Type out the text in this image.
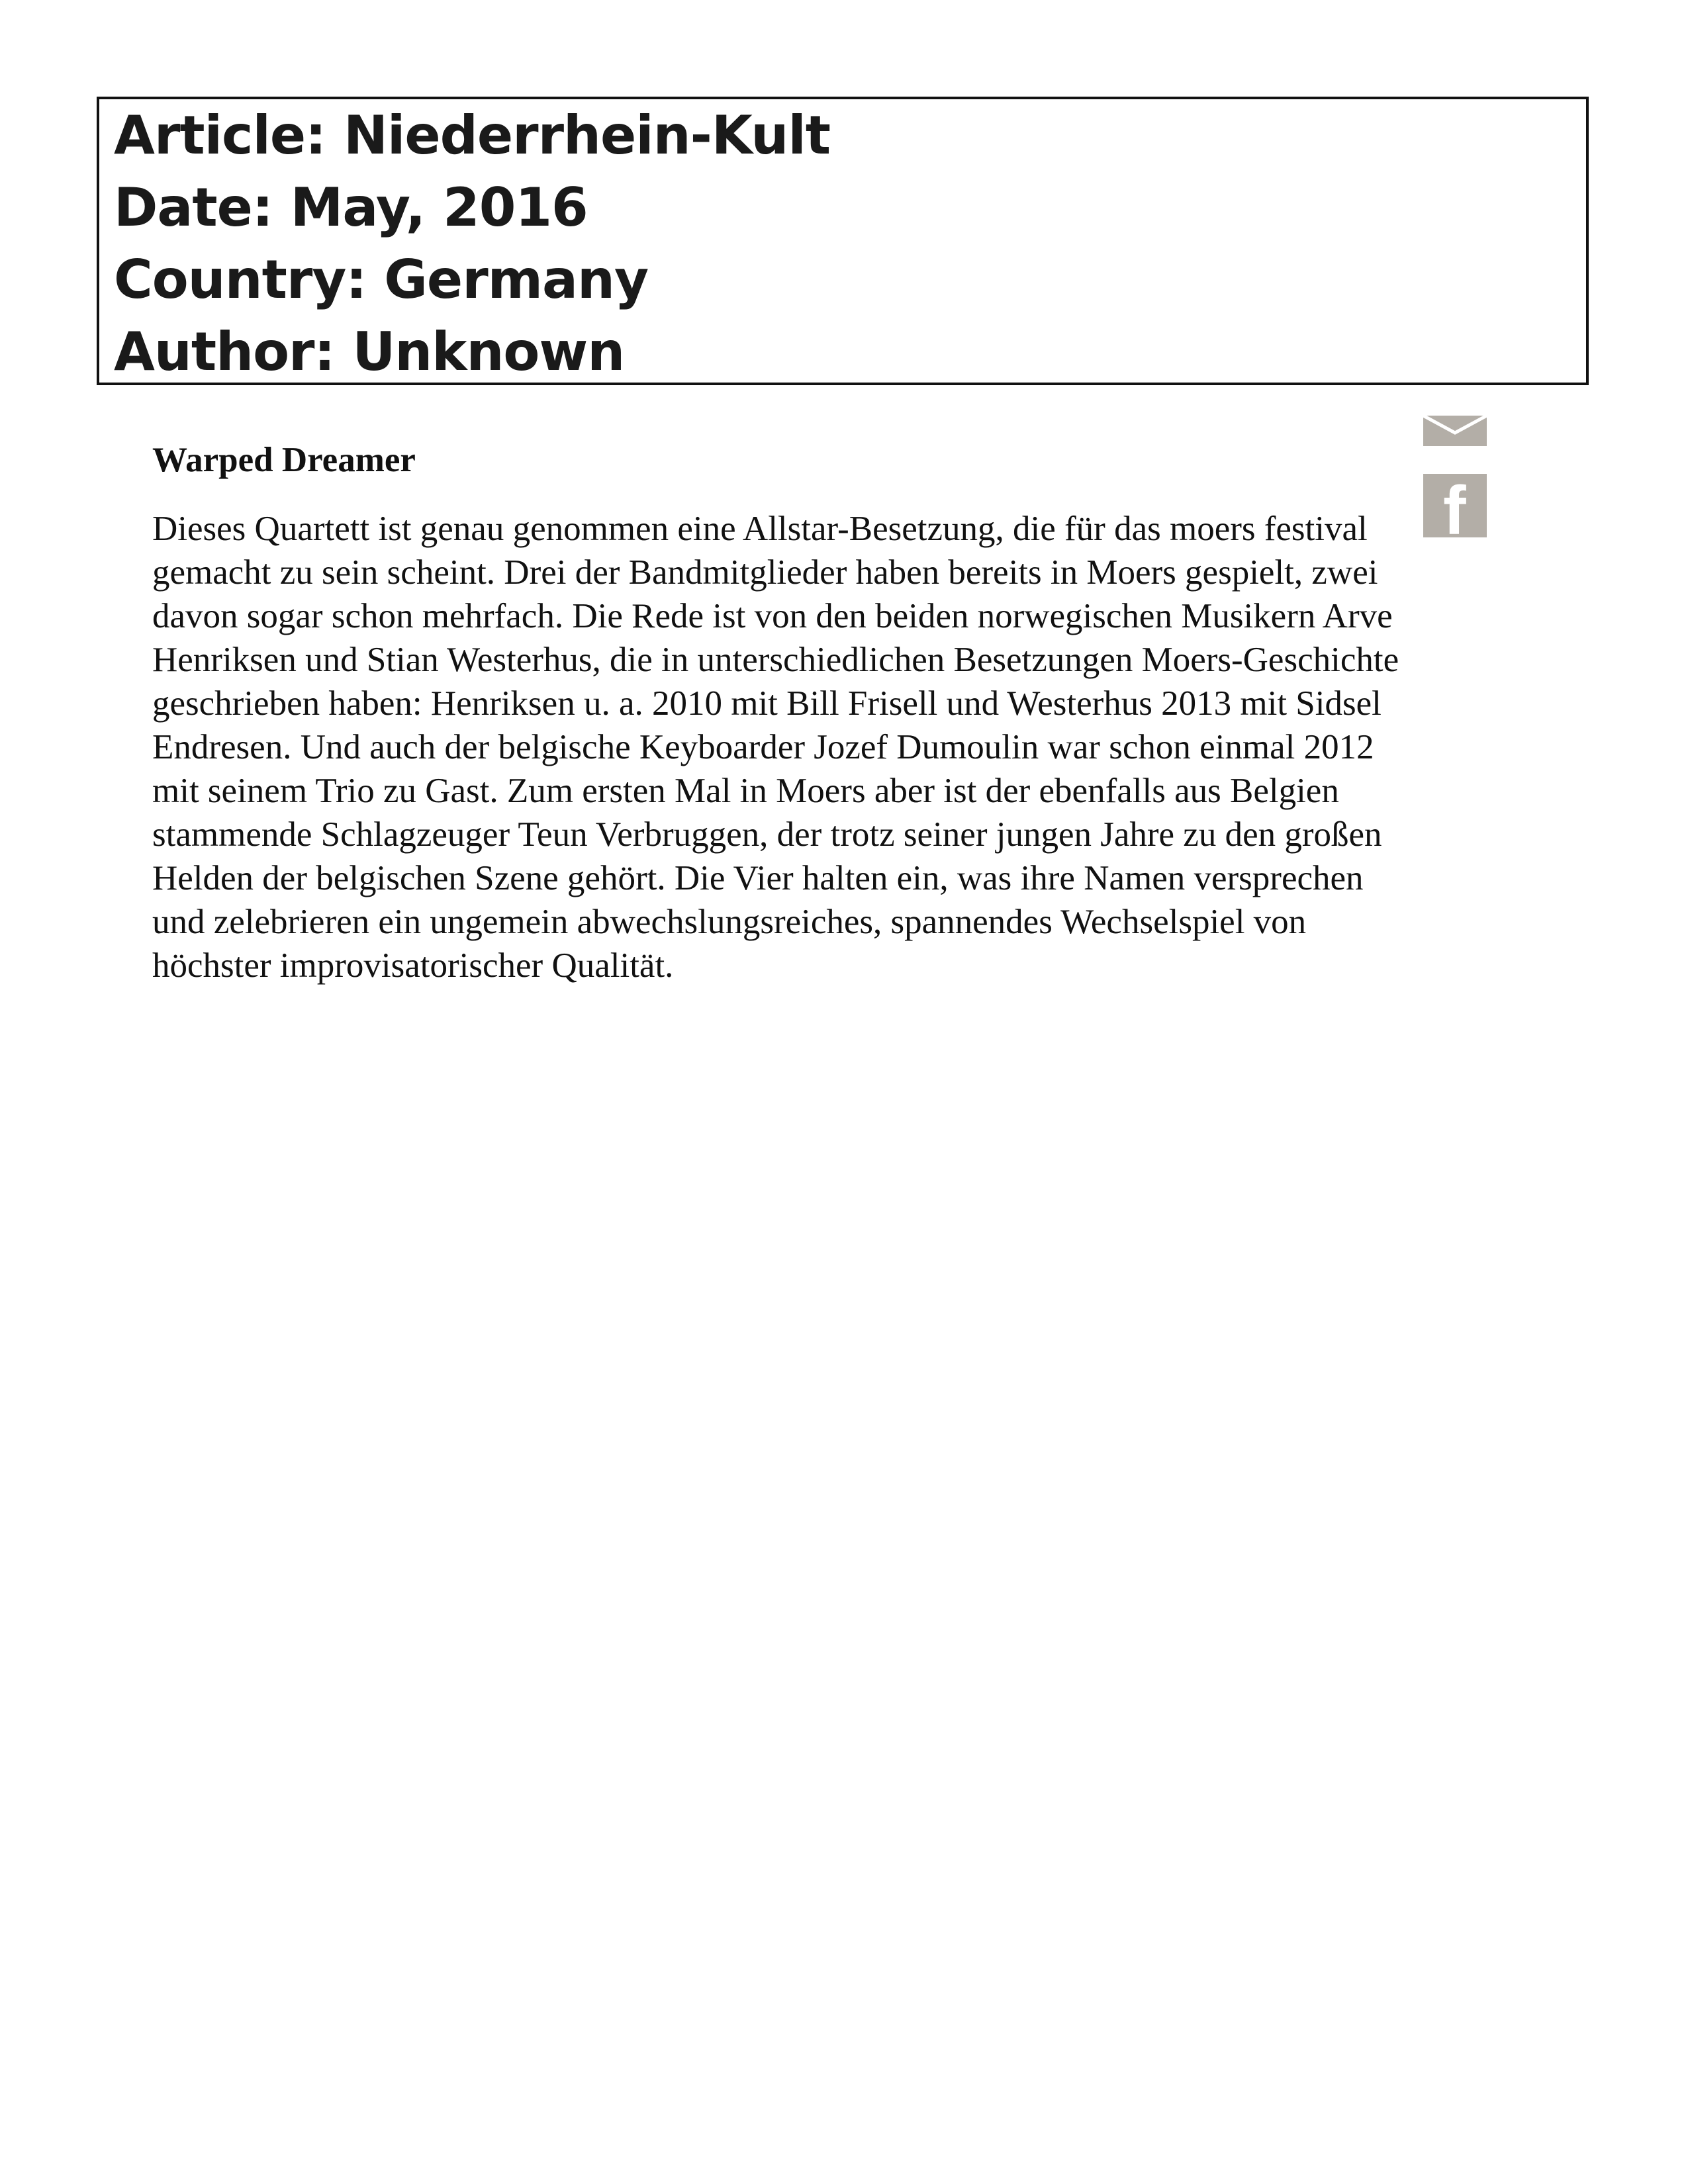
Article: Niederrhein-Kult
Date: May, 2016
Country: Germany
Author: Unknown
Warped Dreamer
Dieses Quartett ist genau genommen eine Allstar-Besetzung, die für das moers festival
gemacht zu sein scheint. Drei der Bandmitglieder haben bereits in Moers gespielt, zwei
davon sogar schon mehrfach. Die Rede ist von den beiden norwegischen Musikern Arve
Henriksen und Stian Westerhus, die in unterschiedlichen Besetzungen Moers-Geschichte
geschrieben haben: Henriksen u. a. 2010 mit Bill Frisell und Westerhus 2013 mit Sidsel
Endresen. Und auch der belgische Keyboarder Jozef Dumoulin war schon einmal 2012
mit seinem Trio zu Gast. Zum ersten Mal in Moers aber ist der ebenfalls aus Belgien
stammende Schlagzeuger Teun Verbruggen, der trotz seiner jungen Jahre zu den großen
Helden der belgischen Szene gehört. Die Vier halten ein, was ihre Namen versprechen
und zelebrieren ein ungemein abwechslungsreiches, spannendes Wechselspiel von
höchster improvisatorischer Qualität.
f
